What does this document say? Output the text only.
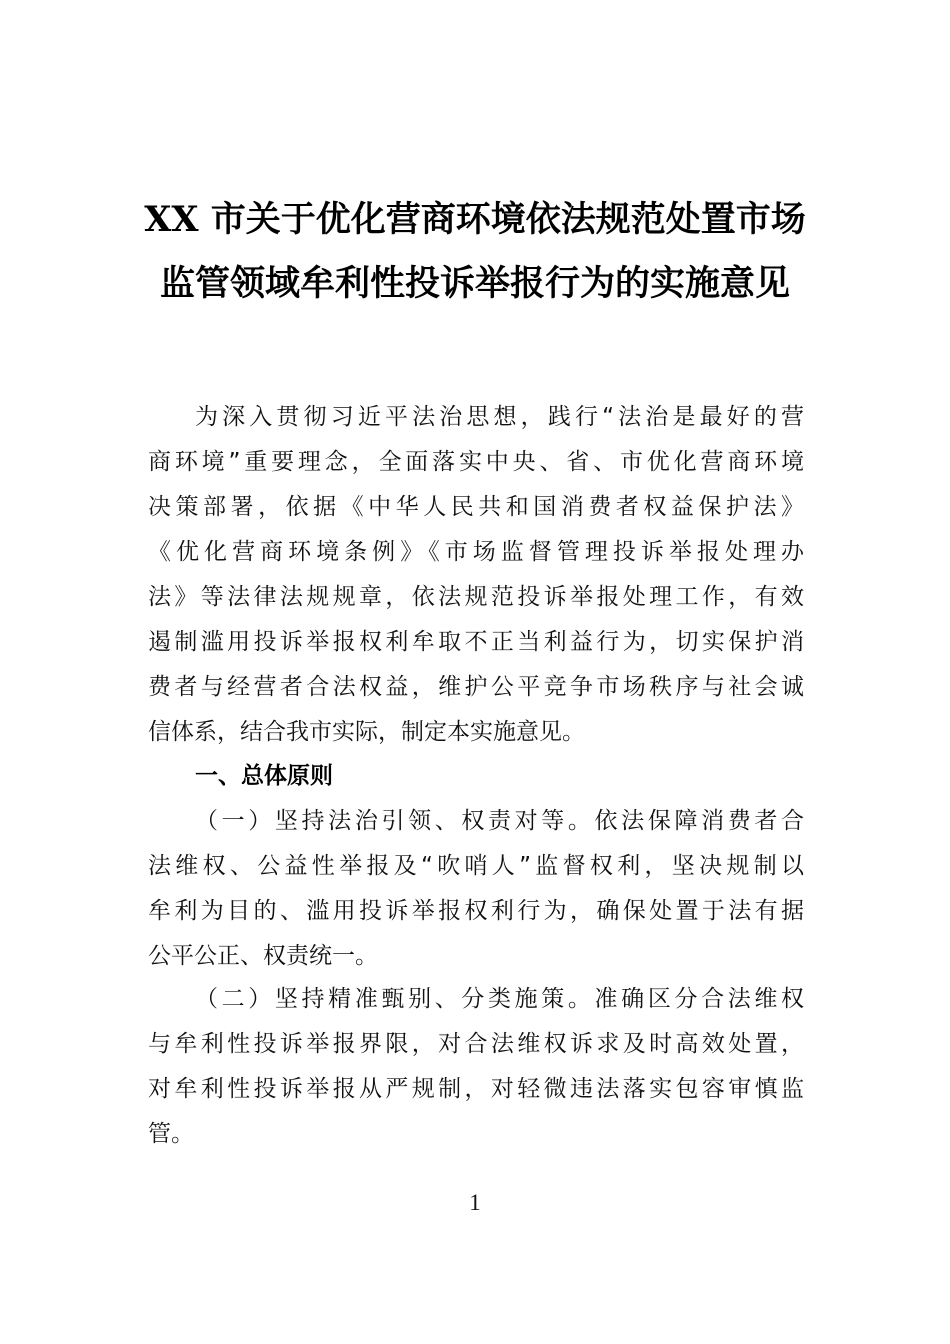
XX 市关于优化营商环境依法规范处置市场
监管领域牟利性投诉举报行为的实施意见
为深入贯彻习近平法治思想，践行“法治是最好的营
商环境”重要理念，全面落实中央、省、市优化营商环境
决策部署，依据《中华人民共和国消费者权益保护法》
《优化营商环境条例》《市场监督管理投诉举报处理办
法》等法律法规规章，依法规范投诉举报处理工作，有效
遏制滥用投诉举报权利牟取不正当利益行为，切实保护消
费者与经营者合法权益，维护公平竞争市场秩序与社会诚
信体系，结合我市实际，制定本实施意见。
一、总体原则
（一）坚持法治引领、权责对等。依法保障消费者合
法维权、公益性举报及“吹哨人”监督权利，坚决规制以
牟利为目的、滥用投诉举报权利行为，确保处置于法有据
公平公正、权责统一。
（二）坚持精准甄别、分类施策。准确区分合法维权
与牟利性投诉举报界限，对合法维权诉求及时高效处置，
对牟利性投诉举报从严规制，对轻微违法落实包容审慎监
管。
1
